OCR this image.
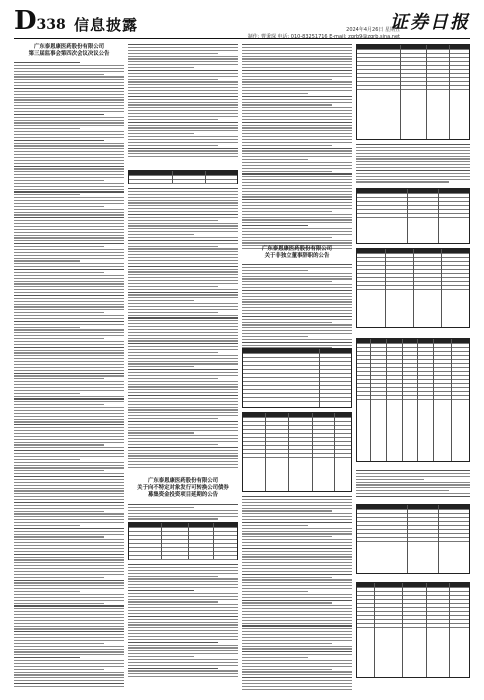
D338 信息披露	2024年4月26日 星期五
制作: 曹秉琛 电话: 010-83251716 E-mail: zqrb9@zqrb.sina.net
证券日报
广东泰恩康医药股份有限公司
第三届监事会第四次会议决议公告
广东泰恩康医药股份有限公司
关于向不特定对象发行可转换公司债券
募集资金投资项目延期的公告
广东泰恩康医药股份有限公司
关于非独立董事辞职的公告
